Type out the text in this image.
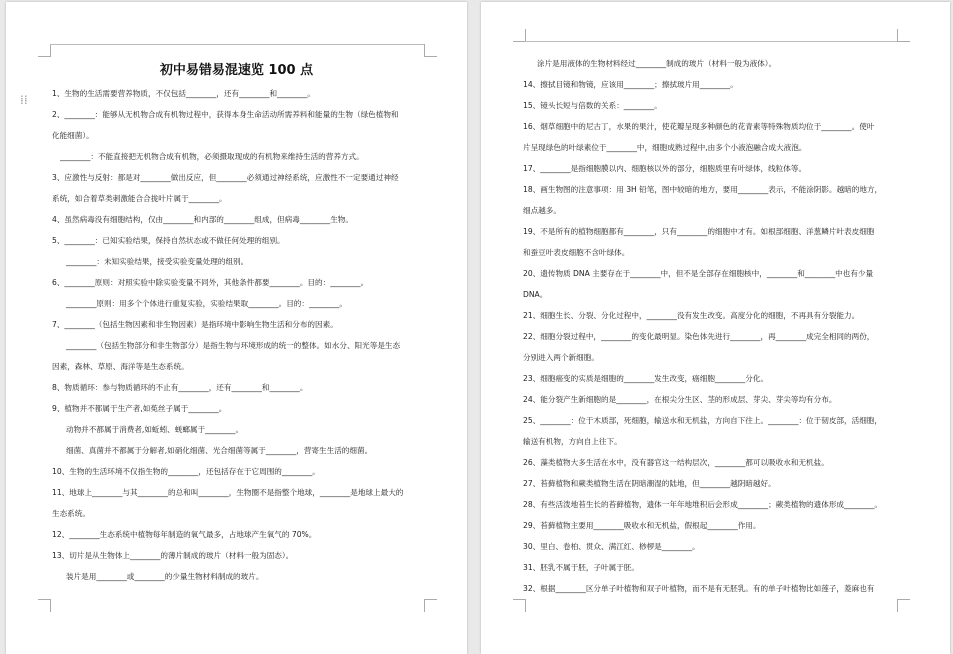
⁞⁞
初中易错易混速览 100 点
1、生物的生活需要营养物质，不仅包括________，还有________和________。
2、________：能够从无机物合成有机物过程中，获得本身生命活动所需养料和能量的生物（绿色植物和
化能细菌）。
________：不能直接把无机物合成有机物，必须摄取现成的有机物来维持生活的营养方式。
3、应激性与反射：都是对________做出反应，但________必须通过神经系统，应激性不一定要通过神经
系统，如合着草类刺激能合合拢叶片属于________。
4、虽然病毒没有细胞结构，仅由________和内部的________组成，但病毒________生物。
5、________：已知实验结果，保持自然状态或不做任何处理的组别。
________：未知实验结果，接受实验变量处理的组别。
6、________原则：对照实验中除实验变量不同外，其他条件都要________。目的：________。
________原则：用多个个体进行重复实验，实验结果取________。目的：________。
7、________（包括生物因素和非生物因素）是指环境中影响生物生活和分布的因素。
________（包括生物部分和非生物部分）是指生物与环境形成的统一的整体。如水分、阳光等是生态
因素，森林、草原、海洋等是生态系统。
8、物质循环：参与物质循环的不止有________，还有________和________。
9、植物并不都属于生产者,如菟丝子属于________。
动物并不都属于消费者,如蚯蚓、蜣螂属于________。
细菌、真菌并不都属于分解者,如硝化细菌、光合细菌等属于________，营寄生生活的细菌。
10、生物的生活环境不仅指生物的________，还包括存在于它周围的________。
11、地球上________与其________的总和叫________，生物圈不是指整个地球，________是地球上最大的
生态系统。
12、________生态系统中植物每年制造的氧气最多，占地球产生氧气的 70%。
13、切片是从生物体上________的薄片制成的玻片（材料一般为固态）。
装片是用________或________的少量生物材料制成的玻片。
涂片是用液体的生物材料经过________制成的玻片（材料一般为液体）。
14、擦拭目镜和物镜，应该用________；擦拭玻片用________。
15、镜头长短与倍数的关系：________。
16、烟草细胞中的尼古丁，水果的果汁，使花瓣呈现多种颜色的花青素等特殊物质均位于________。使叶
片呈现绿色的叶绿素位于________中，细胞成熟过程中,由多个小液泡融合成大液泡。
17、________是指细胞膜以内、细胞核以外的部分，细胞质里有叶绿体，线粒体等。
18、画生物图的注意事项：用 3H 铅笔，图中较暗的地方，要用________表示，不能涂阴影。越暗的地方，
细点越多。
19、不是所有的植物细胞都有________，只有________的细胞中才有。如根部细胞、洋葱鳞片叶表皮细胞
和蚕豆叶表皮细胞不含叶绿体。
20、遗传物质 DNA 主要存在于________中，但不是全部存在细胞核中，________和________中也有少量
DNA。
21、细胞生长、分裂、分化过程中，________没有发生改变。高度分化的细胞，不再具有分裂能力。
22、细胞分裂过程中，________的变化最明显。染色体先进行________，再________成完全相同的两份，
分别进入两个新细胞。
23、细胞癌变的实质是细胞的________发生改变，癌细胞________分化。
24、能分裂产生新细胞的是________，在根尖分生区、茎的形成层、芽尖、芽尖等均有分布。
25、________：位于木质部，死细胞，输送水和无机盐，方向自下往上。________：位于韧皮部，活细胞，
输送有机物，方向自上往下。
26、藻类植物大多生活在水中，没有器官这一结构层次，________都可以吸收水和无机盐。
27、苔藓植物和蕨类植物生活在阴暗潮湿的陆地，但________越阴暗越好。
28、有些活泼地苔生长的苔藓植物，遗体一年年地堆积后会形成________；蕨类植物的遗体形成________。
29、苔藓植物主要用________吸收水和无机盐，假根起________作用。
30、里白、卷柏、贯众、满江红、桫椤是________。
31、胚乳不属于胚，子叶属于胚。
32、根据________区分单子叶植物和双子叶植物，而不是有无胚乳。有的单子叶植物比如莲子，菱麻也有
